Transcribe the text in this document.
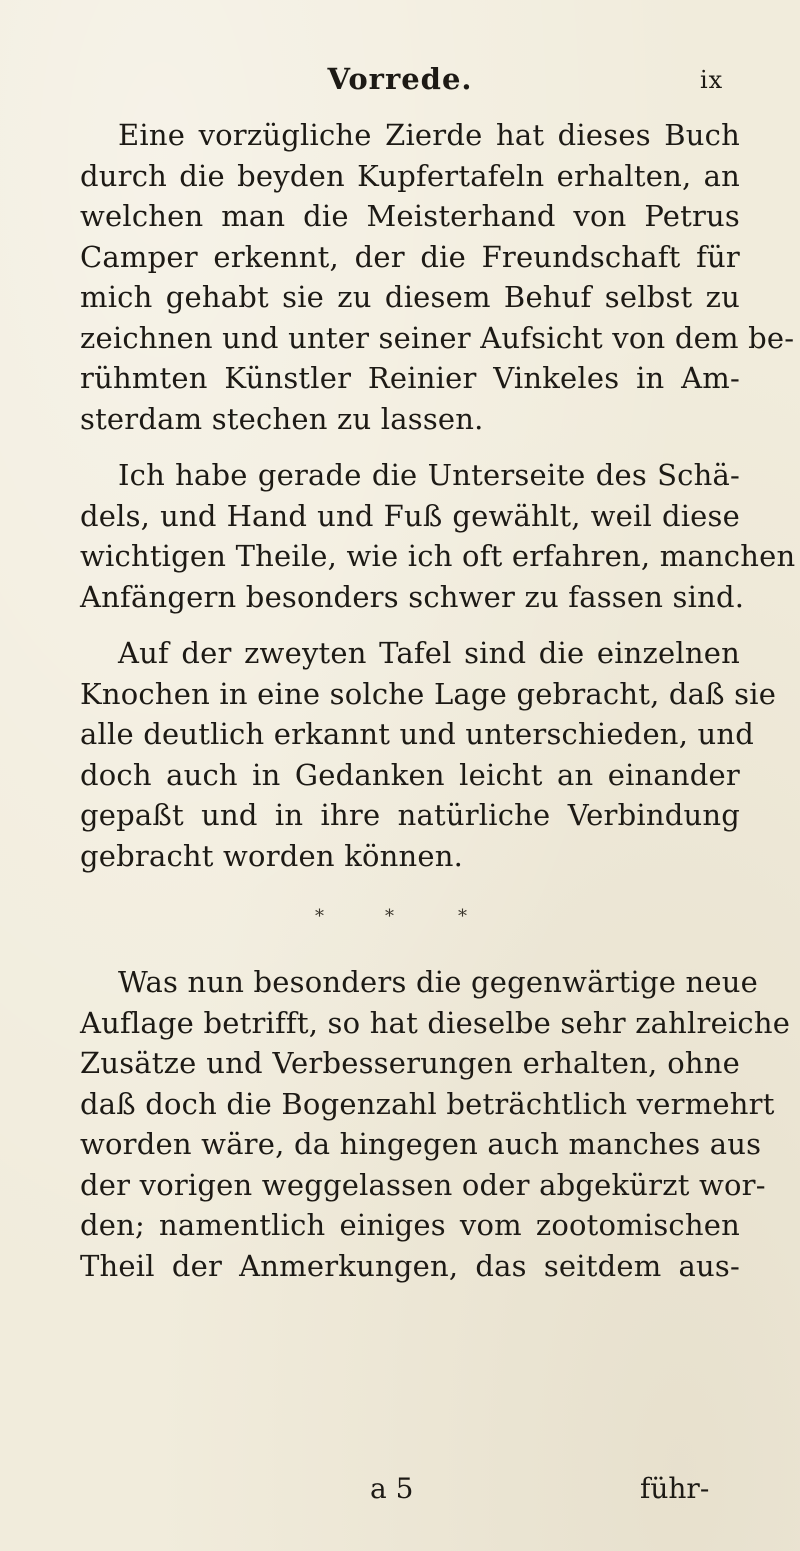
Vorrede.	ix
Eine vorzügliche Zierde hat dieses Buch
durch die beyden Kupfertafeln erhalten, an
welchen man die Meisterhand von Petrus
Camper erkennt, der die Freundschaft für
mich gehabt sie zu diesem Behuf selbst zu
zeichnen und unter seiner Aufsicht von dem be-
rühmten Künstler Reinier Vinkeles in Am-
sterdam stechen zu lassen.
Ich habe gerade die Unterseite des Schä-
dels, und Hand und Fuß gewählt, weil diese
wichtigen Theile, wie ich oft erfahren, manchen
Anfängern besonders schwer zu fassen sind.
Auf der zweyten Tafel sind die einzelnen
Knochen in eine solche Lage gebracht, daß sie
alle deutlich erkannt und unterschieden, und
doch auch in Gedanken leicht an einander
gepaßt und in ihre natürliche Verbindung
gebracht worden können.
*	*	*
Was nun besonders die gegenwärtige neue
Auflage betrifft, so hat dieselbe sehr zahlreiche
Zusätze und Verbesserungen erhalten, ohne
daß doch die Bogenzahl beträchtlich vermehrt
worden wäre, da hingegen auch manches aus
der vorigen weggelassen oder abgekürzt wor-
den; namentlich einiges vom zootomischen
Theil der Anmerkungen, das seitdem aus-
a 5	führ-
